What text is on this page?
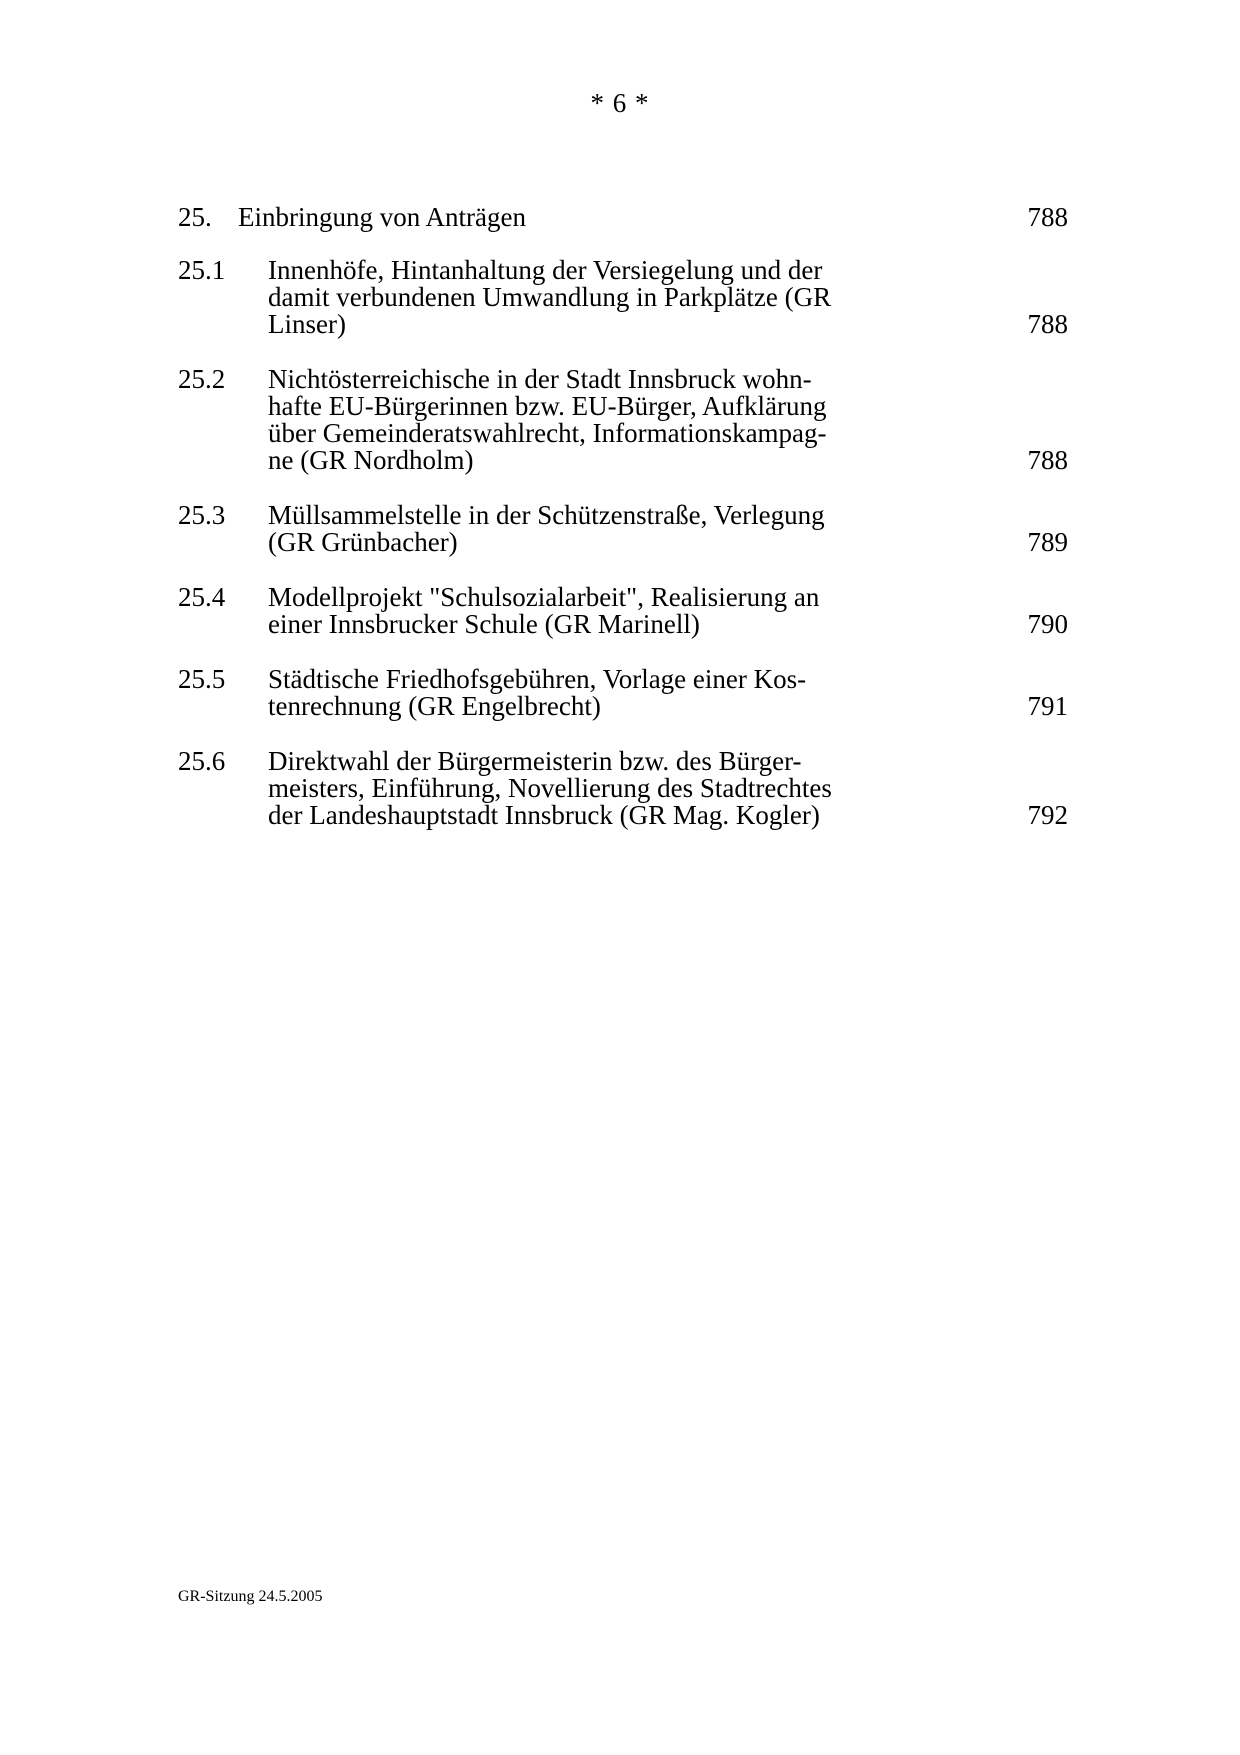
* 6 *
25. Einbringung von Anträgen	788
25.1 Innenhöfe, Hintanhaltung der Versiegelung und der
damit verbundenen Umwandlung in Parkplätze (GR
Linser)	788
25.2 Nichtösterreichische in der Stadt Innsbruck wohn-
hafte EU-Bürgerinnen bzw. EU-Bürger, Aufklärung
über Gemeinderatswahlrecht, Informationskampag-
ne (GR Nordholm)	788
25.3 Müllsammelstelle in der Schützenstraße, Verlegung
(GR Grünbacher)	789
25.4 Modellprojekt "Schulsozialarbeit", Realisierung an
einer Innsbrucker Schule (GR Marinell)	790
25.5 Städtische Friedhofsgebühren, Vorlage einer Kos-
tenrechnung (GR Engelbrecht)	791
25.6 Direktwahl der Bürgermeisterin bzw. des Bürger-
meisters, Einführung, Novellierung des Stadtrechtes
der Landeshauptstadt Innsbruck (GR Mag. Kogler)	792
GR-Sitzung 24.5.2005
